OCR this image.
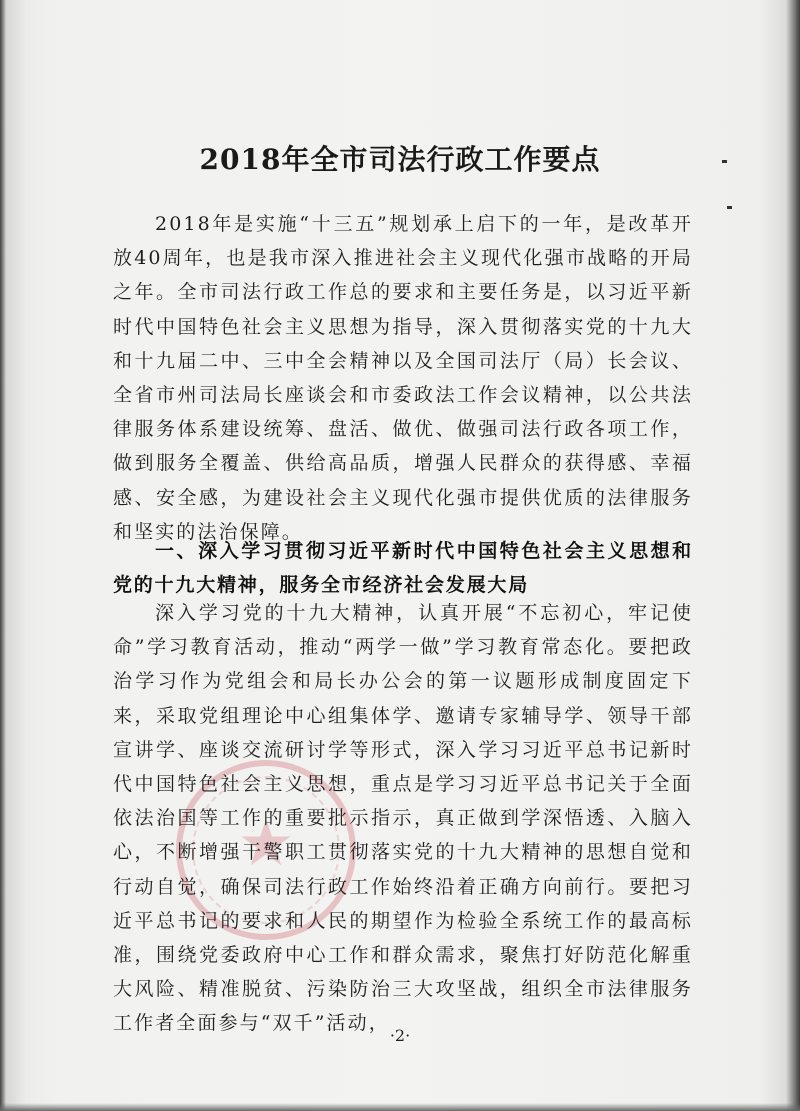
★
2018年全市司法行政工作要点

2018年是实施“十三五”规划承上启下的一年，是改革开放40周年，也是我市深入推进社会主义现代化强市战略的开局之年。全市司法行政工作总的要求和主要任务是，以习近平新时代中国特色社会主义思想为指导，深入贯彻落实党的十九大和十九届二中、三中全会精神以及全国司法厅（局）长会议、全省市州司法局长座谈会和市委政法工作会议精神，以公共法律服务体系建设统筹、盘活、做优、做强司法行政各项工作，做到服务全覆盖、供给高品质，增强人民群众的获得感、幸福感、安全感，为建设社会主义现代化强市提供优质的法律服务和坚实的法治保障。

一、深入学习贯彻习近平新时代中国特色社会主义思想和党的十九大精神，服务全市经济社会发展大局

深入学习党的十九大精神，认真开展“不忘初心，牢记使命”学习教育活动，推动“两学一做”学习教育常态化。要把政治学习作为党组会和局长办公会的第一议题形成制度固定下来，采取党组理论中心组集体学、邀请专家辅导学、领导干部宣讲学、座谈交流研讨学等形式，深入学习习近平总书记新时代中国特色社会主义思想，重点是学习习近平总书记关于全面依法治国等工作的重要批示指示，真正做到学深悟透、入脑入心，不断增强干警职工贯彻落实党的十九大精神的思想自觉和行动自觉，确保司法行政工作始终沿着正确方向前行。要把习近平总书记的要求和人民的期望作为检验全系统工作的最高标准，围绕党委政府中心工作和群众需求，聚焦打好防范化解重大风险、精准脱贫、污染防治三大攻坚战，组织全市法律服务工作者全面参与“双千”活动，

·2·
